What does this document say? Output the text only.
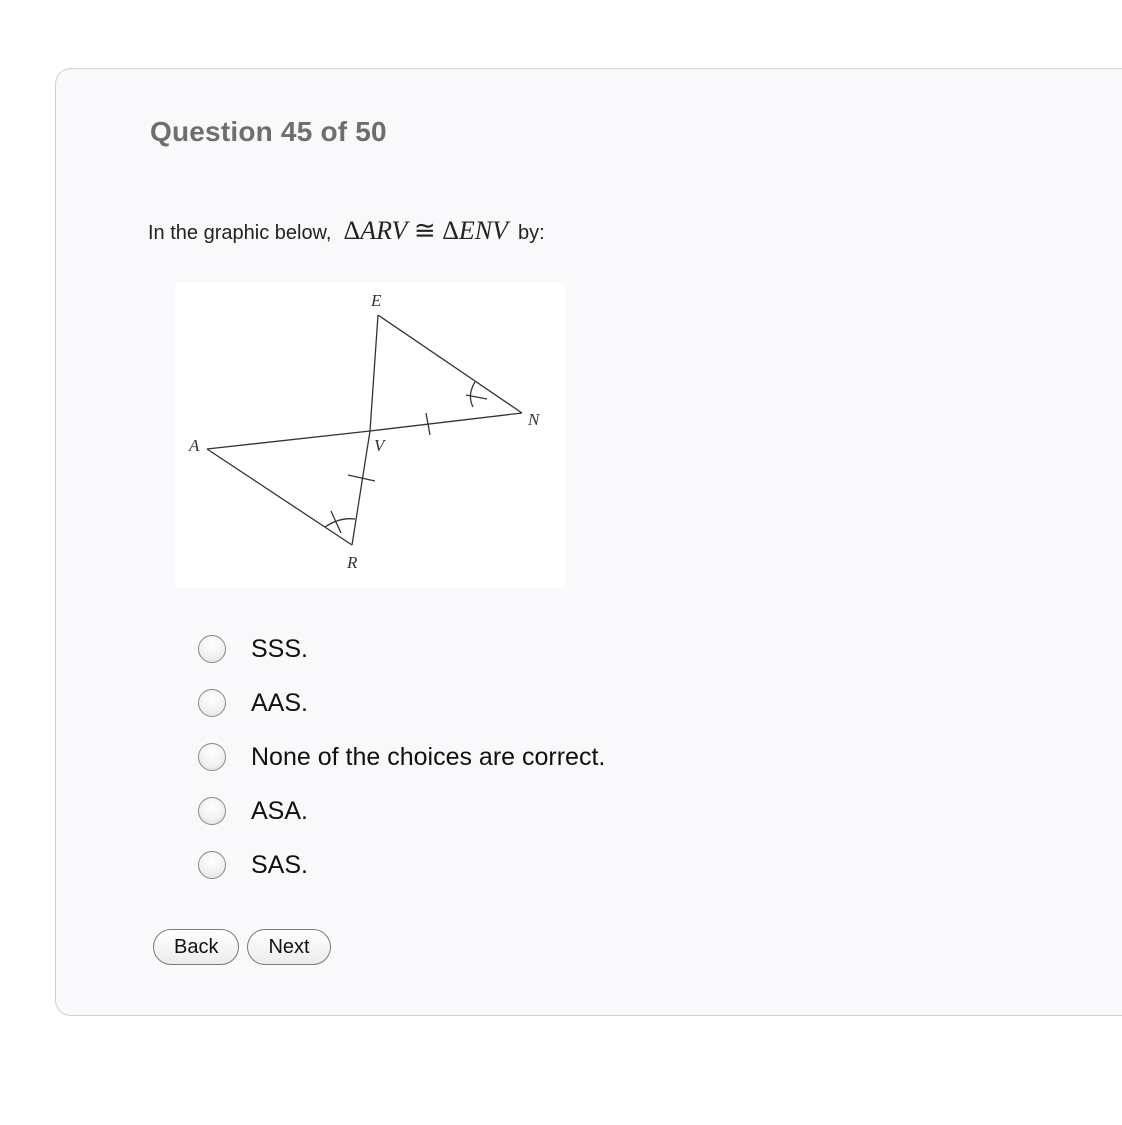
Question 45 of 50
In the graphic below, ΔARV ≅ ΔENV by:
E
N
A	V
R
SSS.
AAS.
None of the choices are correct.
ASA.
SAS.
Back	Next
